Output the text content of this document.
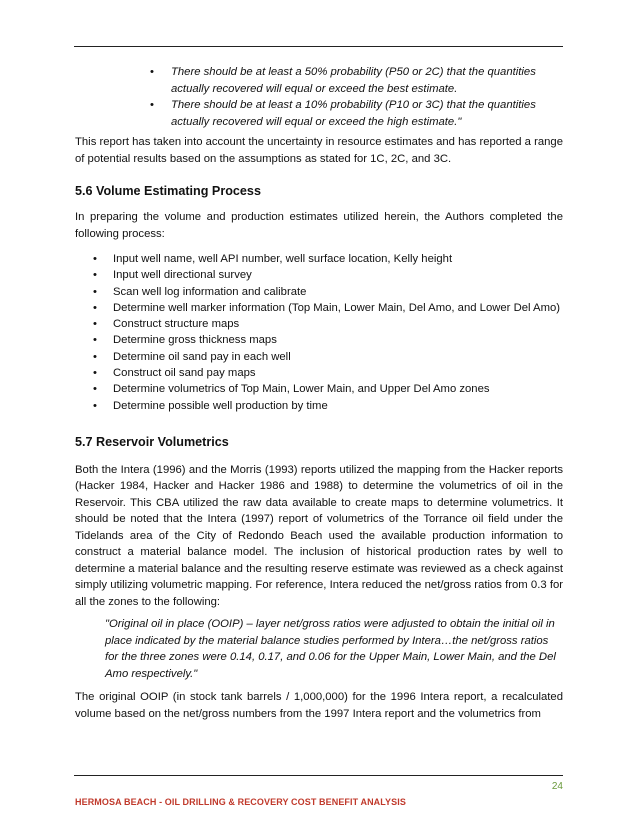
• There should be at least a 50% probability (P50 or 2C) that the quantities actually recovered will equal or exceed the best estimate.
• There should be at least a 10% probability (P10 or 3C) that the quantities actually recovered will equal or exceed the high estimate."

This report has taken into account the uncertainty in resource estimates and has reported a range of potential results based on the assumptions as stated for 1C, 2C, and 3C.

5.6 Volume Estimating Process

In preparing the volume and production estimates utilized herein, the Authors completed the following process:

• Input well name, well API number, well surface location, Kelly height
• Input well directional survey
• Scan well log information and calibrate
• Determine well marker information (Top Main, Lower Main, Del Amo, and Lower Del Amo)
• Construct structure maps
• Determine gross thickness maps
• Determine oil sand pay in each well
• Construct oil sand pay maps
• Determine volumetrics of Top Main, Lower Main, and Upper Del Amo zones
• Determine possible well production by time
5.7 Reservoir Volumetrics

Both the Intera (1996) and the Morris (1993) reports utilized the mapping from the Hacker reports (Hacker 1984, Hacker and Hacker 1986 and 1988) to determine the volumetrics of oil in the Reservoir. This CBA utilized the raw data available to create maps to determine volumetrics. It should be noted that the Intera (1997) report of volumetrics of the Torrance oil field under the Tidelands area of the City of Redondo Beach used the available production information to construct a material balance model. The inclusion of historical production rates by well to determine a material balance and the resulting reserve estimate was reviewed as a check against simply utilizing volumetric mapping. For reference, Intera reduced the net/gross ratios from 0.3 for all the zones to the following:

"Original oil in place (OOIP) – layer net/gross ratios were adjusted to obtain the initial oil in place indicated by the material balance studies performed by Intera…the net/gross ratios for the three zones were 0.14, 0.17, and 0.06 for the Upper Main, Lower Main, and the Del Amo respectively."

The original OOIP (in stock tank barrels / 1,000,000) for the 1996 Intera report, a recalculated volume based on the net/gross numbers from the 1997 Intera report and the volumetrics from

24
HERMOSA BEACH - OIL DRILLING & RECOVERY COST BENEFIT ANALYSIS
